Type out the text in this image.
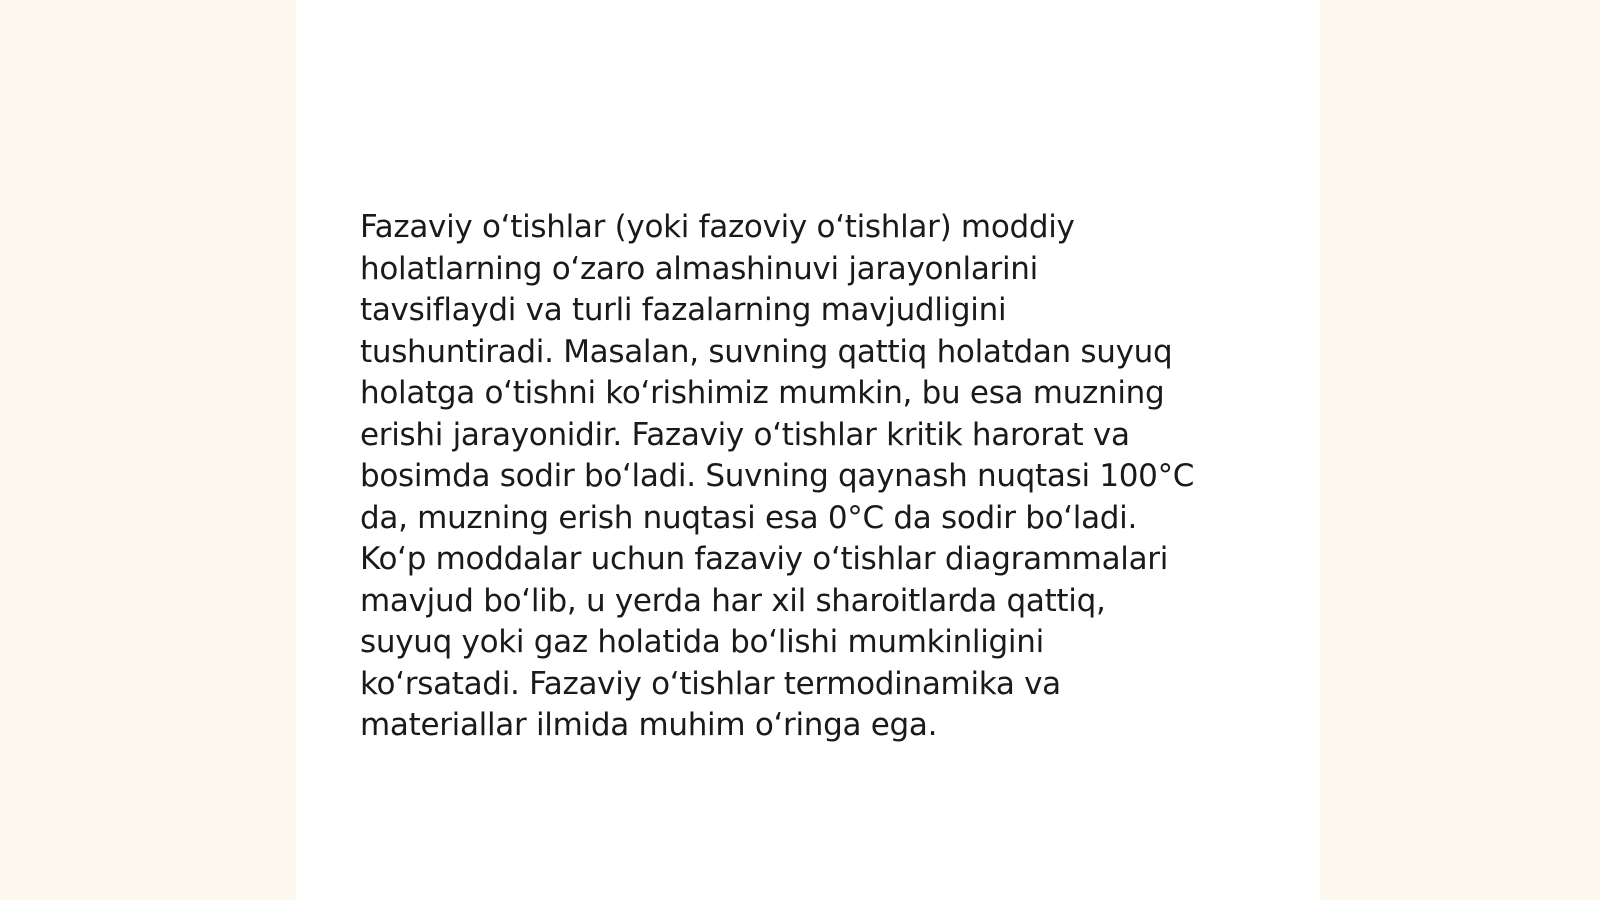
Fazaviy o‘tishlar (yoki fazoviy o‘tishlar) moddiy
holatlarning o‘zaro almashinuvi jarayonlarini
tavsiflaydi va turli fazalarning mavjudligini
tushuntiradi. Masalan, suvning qattiq holatdan suyuq
holatga o‘tishni ko‘rishimiz mumkin, bu esa muzning
erishi jarayonidir. Fazaviy o‘tishlar kritik harorat va
bosimda sodir bo‘ladi. Suvning qaynash nuqtasi 100°C
da, muzning erish nuqtasi esa 0°C da sodir bo‘ladi.
Ko‘p moddalar uchun fazaviy o‘tishlar diagrammalari
mavjud bo‘lib, u yerda har xil sharoitlarda qattiq,
suyuq yoki gaz holatida bo‘lishi mumkinligini
ko‘rsatadi. Fazaviy o‘tishlar termodinamika va
materiallar ilmida muhim o‘ringa ega.
